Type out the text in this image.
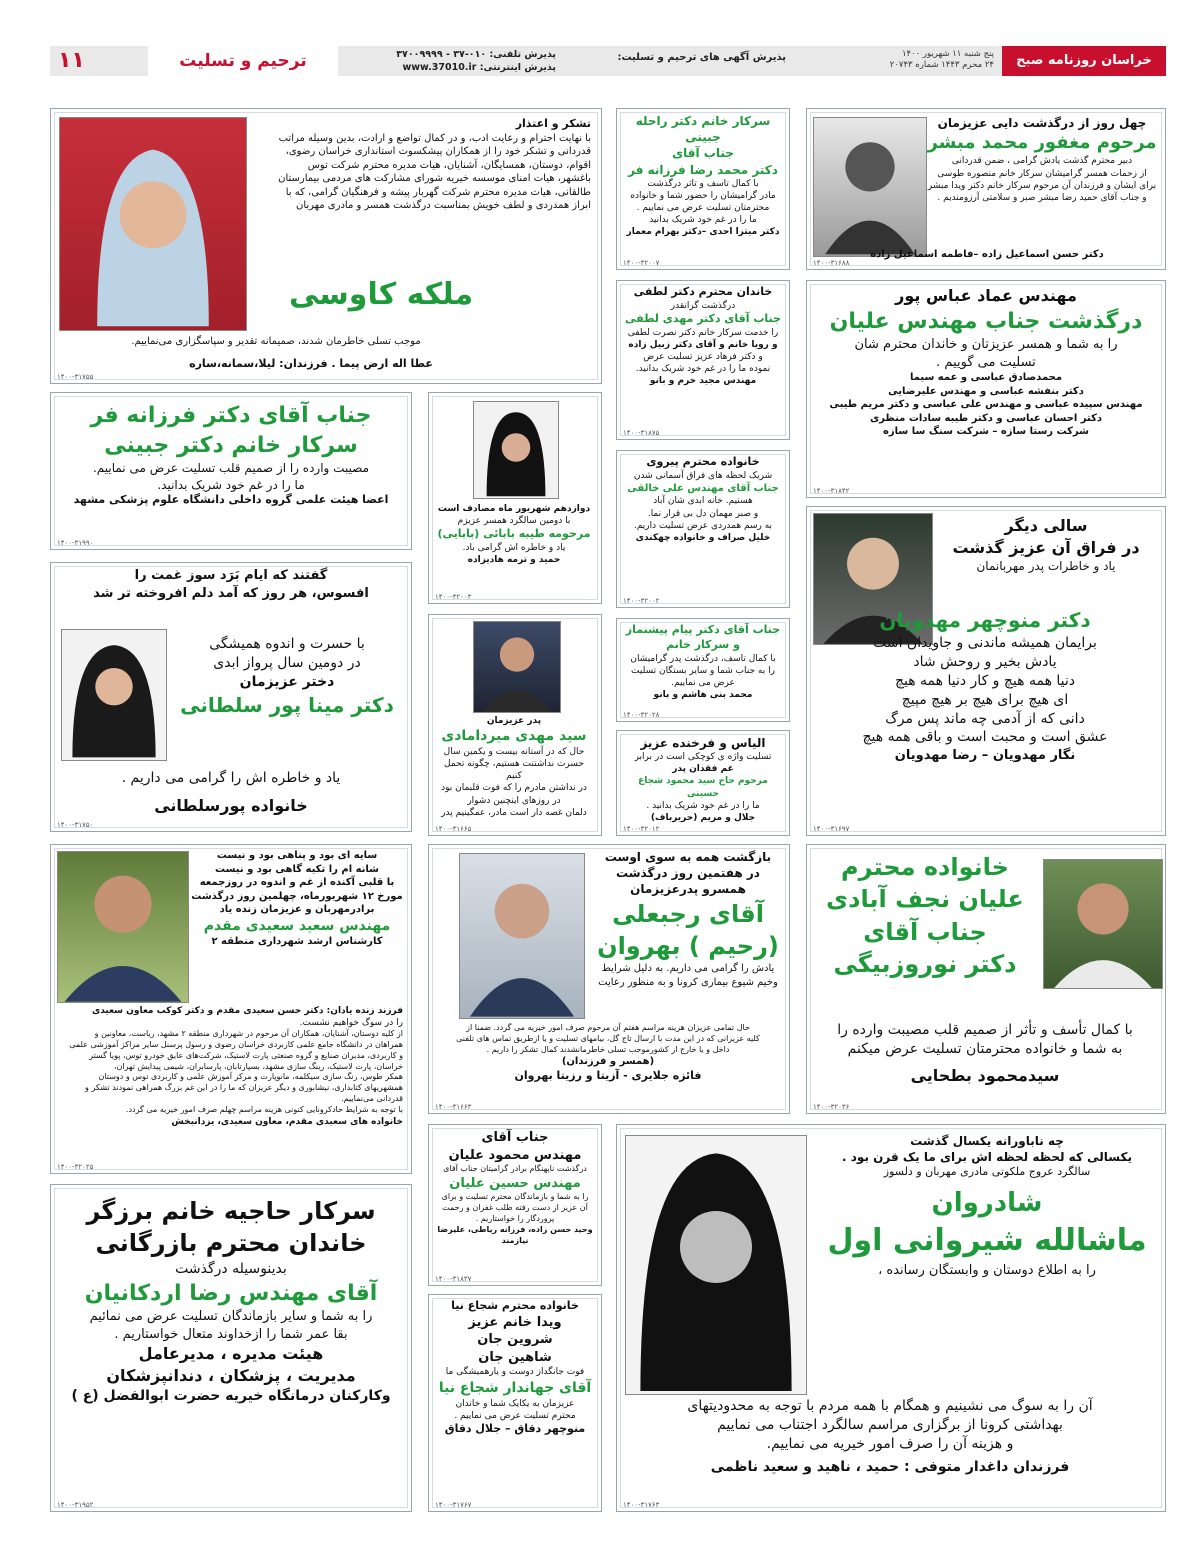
خراسان روزنامه صبح ایران
پنج شنبه ۱۱ شهریور ۱۴۰۰
۲۴ محرم ۱۴۴۳ شماره ۲۰۷۴۳
پذیرش آگهی های ترحیم و تسلیت:
پذیرش تلفنی: ۰۱۰-۳۷ - ۳۷۰۰۹۹۹۹
پذیرش اینترنتی: www.37010.ir
ترحیم و تسلیت
۱۱
چهل روز از درگذشت دایی عزیزمان
مرحوم مغفور محمد مبشر
دبیر محترم گذشت یادش گرامی ، ضمن قدردانی
از زحمات همسر گرامیشان سرکار خانم منصوره طوسی
برای ایشان و فرزندان آن مرحوم سرکار خانم دکتر ویدا مبشر
و جناب آقای حمید رضا مبشر صبر و سلامتی آرزومندیم .
دکتر حسن اسماعیل زاده –فاطمه اسماعیل زاده
۱۴۰۰-۳۱۶۸۸
سرکار خانم دکتر راحله جبینی
جناب آقای
دکتر محمد رضا فرزانه فر
با کمال تاسف و تاثر درگذشت
مادر گرامیشان را حضور شما و خانواده
محترمتان تسلیت عرض می نماییم .
ما را در غم خود شریک بدانید
دکتر میترا احدی –دکتر بهرام معمار
۱۴۰۰-۳۲۰۰۷
تشکر و اعتذار
با نهایت احترام و رعایت ادب، و در کمال تواضع و ارادت، بدین وسیله مراتب
قدردانی و تشکر خود را از همکاران پیشکسوت استانداری خراسان رضوی،
اقوام، دوستان، همسایگان، آشنایان، هیات مدیره محترم شرکت توس
باغشهر، هیات امنای موسسه خیریه شورای مشارکت های مردمی بیمارستان
طالقانی، هیات مدیره محترم شرکت گهربار پیشه و فرهنگیان گرامی، که با
ابراز همدردی و لطف خویش بمناسبت درگذشت همسر و مادری مهربان
ملکه کاوسی
موجب تسلی خاطرمان شدند، صمیمانه تقدیر و سپاسگزاری می‌نماییم.
عطا اله ارض پیما . فرزندان: لیلا،سمانه،ساره
۱۴۰۰-۳۱۷۵۵
خاندان محترم دکتر لطفی
درگذشت گرانقدر
جناب آقای دکتر مهدی لطفی
را خدمت سرکار خانم دکتر نصرت لطفی
و رویا خانم و آقای دکتر زبیل زاده
و دکتر فرهاد عزیز تسلیت عرض
نموده ما را در غم خود شریک بدانید.
مهندس مجید خرم و بانو
۱۴۰۰-۳۱۸۷۵
مهندس عماد عباس پور
درگذشت جناب مهندس علیان
را به شما و همسر عزیزتان و خاندان محترم شان
تسلیت می گوییم .
محمدصادق عباسی و عمه سیما
دکتر بنفشه عباسی و مهندس علیرضایی
مهندس سپیده عباسی و مهندس علی عباسی و دکتر مریم طیبی
دکتر احسان عباسی و دکتر طیبه سادات منظری
شرکت رستا سازه – شرکت سنگ سا سازه
۱۴۰۰-۳۱۸۴۲
جناب آقای دکتر فرزانه فر
سرکار خانم دکتر جبینی
مصیبت وارده را از صمیم قلب تسلیت عرض می نماییم.
ما را در غم خود شریک بدانید.
اعضا هیئت علمی گروه داخلی دانشگاه علوم پزشکی مشهد
۱۴۰۰-۳۱۹۹۰
دوازدهم شهریور ماه مصادف است
با دومین سالگرد همسر عزیزم
مرحومه طیبه بابائی (بابایی)
یاد و خاطره اش گرامی باد.
حمید و ترمه هادیزاده
۱۴۰۰-۳۲۰۰۳
خانواده محترم پیروی
شریک لحظه های فراق آسمانی شدن
جناب آقای مهندس علی خالقی
هستیم. خانه ابدی شان آباد
و صبر مهمان دل بی قرار نما.
به رسم همدردی عرض تسلیت داریم.
خلیل صراف و خانواده چهکندی
۱۴۰۰-۳۲۰۰۲
سالی دیگر
در فراق آن عزیز گذشت
یاد و خاطرات پدر مهربانمان
دکتر منوچهر مهدویان
برایمان همیشه ماندنی و جاویدان است
یادش بخیر و روحش شاد
دنیا همه هیچ و کار دنیا همه هیچ
ای هیچ برای هیچ بر هیچ مپیچ
دانی که از آدمی چه ماند پس مرگ
عشق است و محبت است و باقی همه هیچ
نگار مهدویان – رضا مهدویان
۱۴۰۰-۳۱۶۹۷
گفتند که ایام بَرَد سوز غمت را
افسوس، هر روز که آمد دلم افروخته تر شد
با حسرت و اندوه همیشگی
در دومین سال پرواز ابدی
دختر عزیزمان
دکتر مینا پور سلطانی
یاد و خاطره اش را گرامی می داریم .
خانواده پورسلطانی
۱۴۰۰-۳۱۷۵۰
جناب آقای دکتر پیام پیشنماز
و سرکار خانم
با کمال تاسف، درگذشت پدر گرامیشان
را به جناب شما و سایر بستگان تسلیت عرض می نماییم.
محمد بنی هاشم و بانو
۱۴۰۰-۳۲۰۲۸
پدر عزیزمان
سید مهدی میردامادی
حال که در آستانه بیست و یکمین سال
حسرت نداشتنت هستیم، چگونه تحمل کنیم
در نداشتن مادرم را که فوت قلبمان بود
در روزهای اینچنین دشوار
دلمان غصه دار است مادر، عمگینیم پدر
۱۴۰۰-۳۱۶۶۵
الیاس و فرخنده عزیز
تسلیت واژه ی کوچکی است در برابر
غم فقدان پدر
مرحوم حاج سید محمود شجاع حسینی
ما را در غم خود شریک بدانید .
جلال و مریم (حریرباف)
۱۴۰۰-۳۲۰۱۲
سایه ای بود و پناهی بود و نیست
شانه ام را تکیه گاهی بود و نیست
با قلبی آکنده از غم و اندوه در روزجمعه
مورخ ۱۲ شهریورماه، چهلمین روز درگذشت
برادرمهربان و عزیزمان زنده یاد
مهندس سعید سعیدی مقدم
کارشناس ارشد شهرداری منطقه ۲
فرزند زنده یادان: دکتر حسن سعیدی مقدم و دکتر کوکب معاون سعیدی
را در سوگ خواهیم نشست.
از کلیه دوستان، آشنایان، همکاران آن مرحوم در شهرداری منطقه ۲ مشهد، ریاست، معاونین و
همراهان در دانشگاه جامع علمی کاربردی خراسان رضوی و رسول پرسنل سایر مراکز آموزشی علمی
و کاربردی، مدیران صنایع و گروه صنعتی پارت لاستیک، شرکت‌های عایق خودرو توس، پویا گستر
خراسان، پارت لاستیک، رینگ سازی مشهد، بسپارتابان، پارسابران، شیمی پیدایش تهران،
همکر طوس، رنگ سازی سیکلمه، مانوپارت و مرکز آموزش علمی و کاربردی توس و دوستان
همشهریهای کتابداری، نیشابوری و دیگر عزیزان که ما را در این غم بزرگ همراهی نمودند تشکر و
قدردانی می‌نماییم.
با توجه به شرایط حادکرونایی کنونی هزینه مراسم چهلم صرف امور خیریه می گردد.
خانواده های سعیدی مقدم، معاون سعیدی، یزدانبخش
۱۴۰۰-۳۲۰۲۵
بازگشت همه به سوی اوست
در هفتمین روز درگذشت
همسرو پدرعزیزمان
آقای رجبعلی
(رحیم ) بهروان
یادش را گرامی می داریم. به دلیل شرایط
وخیم شیوع بیماری کرونا و به منظور رعایت
حال تمامی عزیزان هزینه مراسم هفتم آن مرحوم صرف امور خیریه می گردد. ضمنا از
کلیه عزیزانی که در این مدت با ارسال تاج گل، بیامهای تسلیت و یا ازطریق تماس های تلفنی
داخل و یا خارج از کشورموجب تسلی خاطرمانشدند کمال تشکر را داریم .
(همسر و فرزندان)
فائزه جلایری - آزیتا و رزیتا بهروان
۱۴۰۰-۳۱۶۶۳
خانواده محترم
علیان نجف آبادی
جناب آقای
دکتر نوروزبیگی
با کمال تأسف و تأثر از صمیم قلب مصیبت وارده را
به شما و خانواده محترمتان تسلیت عرض میکنم
سیدمحمود بطحایی
۱۴۰۰-۳۲۰۳۶
سرکار حاجیه خانم برزگر
خاندان محترم بازرگانی
بدینوسیله درگذشت
آقای مهندس رضا اردکانیان
را به شما و سایر بازماندگان تسلیت عرض می نمائیم
بقا عمر شما را ازخداوند متعال خواستاریم .
هیئت مدیره ، مدیرعامل
مدیریت ، پزشکان ، دندانپزشکان
وکارکنان درمانگاه خیریه حضرت ابوالفضل (ع )
۱۴۰۰-۳۱۹۵۲
جناب آقای
مهندس محمود علیان
درگذشت ناپهنگام برادر گرامیتان جناب آقای
مهندس حسین علیان
را به شما و بازماندگان محترم تسلیت و برای
آن عزیز از دست رفته طلب غفران و رحمت
پروردگار را خواستاریم .
وحید حسن زاده، فرزانه ریاطی، علیرضا نیازمند
۱۴۰۰-۳۱۸۳۷
خانواده محترم شجاع نیا
ویدا خانم عزیز
شروین جان
شاهین جان
فوت جانگداز دوست و یارهمیشگی ما
آقای جهاندار شجاع نیا
عزیزمان به یکایک شما و خاندان
محترم تسلیت عرض می نماییم .
منوچهر دقاق – جلال دقاق
۱۴۰۰-۳۱۷۶۷
چه ناباورانه یکسال گذشت
یکسالی که لحظه لحظه اش برای ما یک قرن بود .
سالگرد عروج ملکوتی مادری مهربان و دلسوز
شادروان
ماشالله شیروانی اول
را به اطلاع دوستان و وابستگان رسانده ،
آن را به سوگ می نشینیم و همگام با همه مردم با توجه به محدودیتهای
بهداشتی کرونا از برگزاری مراسم سالگرد اجتناب می نماییم
و هزینه آن را صرف امور خیریه می نماییم.
فرزندان داغدار متوفی : حمید ، ناهید و سعید ناظمی
۱۴۰۰-۳۱۷۶۳
